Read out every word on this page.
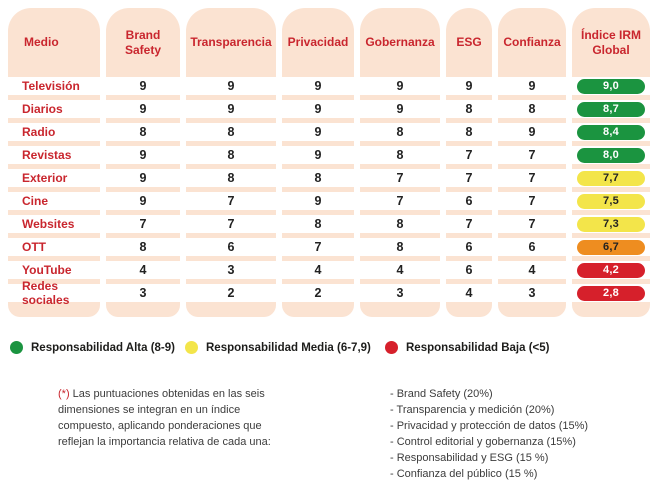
Medio
Televisión
Diarios
Radio
Revistas
Exterior
Cine
Websites
OTT
YouTube
Redes sociales
Brand Safety
9
9
8
9
9
9
7
8
4
3
Transparencia
9
9
8
8
8
7
7
6
3
2
Privacidad
9
9
9
9
8
9
8
7
4
2
Gobernanza
9
9
8
8
7
7
8
8
4
3
ESG
9
8
8
7
7
6
7
6
6
4
Confianza
9
8
9
7
7
7
7
6
4
3
Índice IRM Global
9,0
8,7
8,4
8,0
7,7
7,5
7,3
6,7
4,2
2,8
Responsabilidad Alta (8-9)	Responsabilidad Media (6-7,9)	Responsabilidad Baja (<5)
(*) Las puntuaciones obtenidas en las seis dimensiones se integran en un índice compuesto, aplicando ponderaciones que reflejan la importancia relativa de cada una:
- Brand Safety (20%)
- Transparencia y medición (20%)
- Privacidad y protección de datos (15%)
- Control editorial y gobernanza (15%)
- Responsabilidad y ESG (15 %)
- Confianza del público (15 %)
